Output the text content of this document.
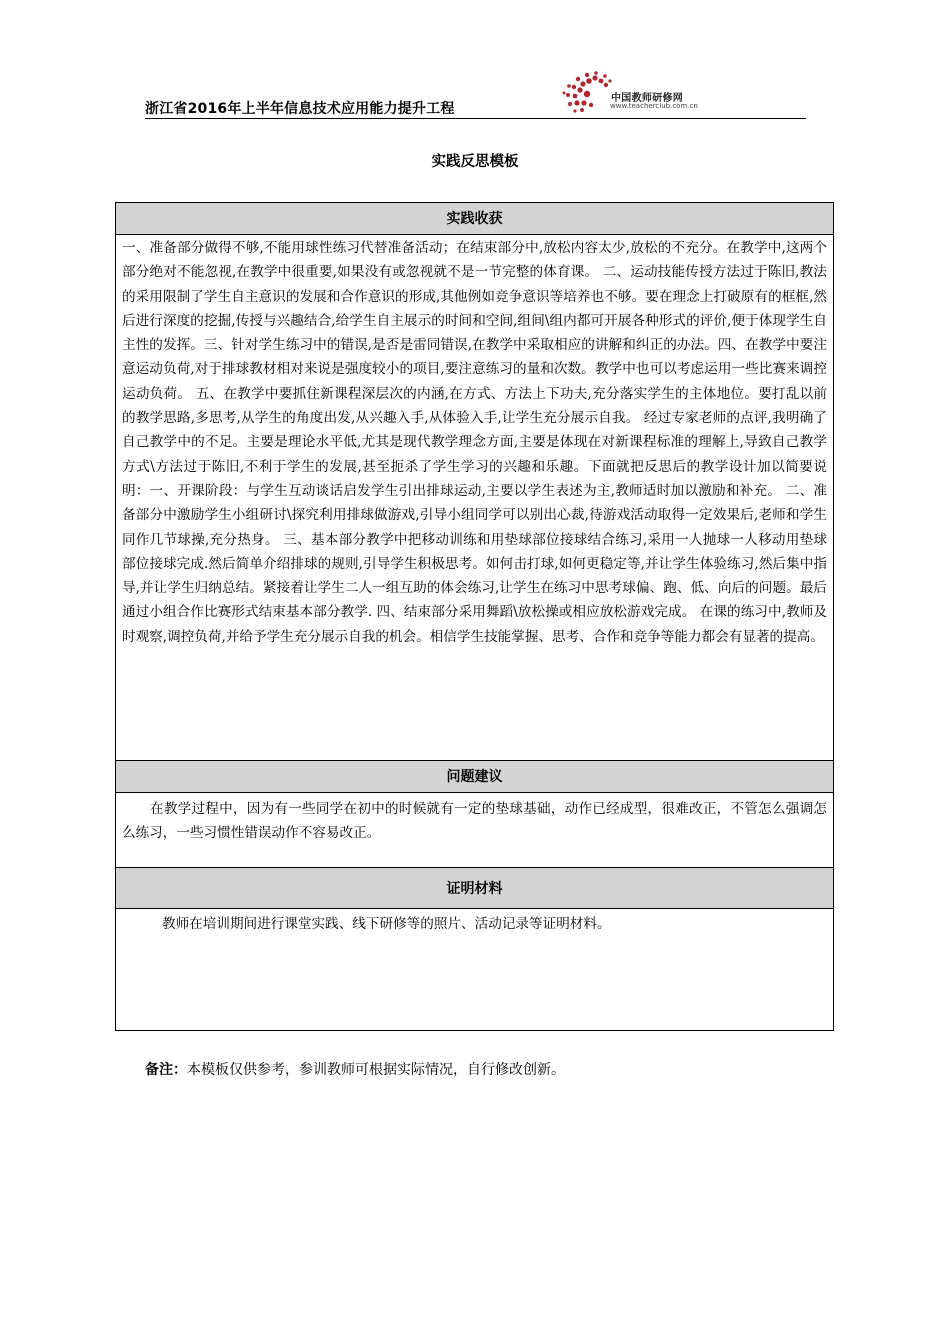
浙江省2016年上半年信息技术应用能力提升工程
中国教师研修网
www.teacherclub.com.cn
实践反思模板
实践收获
一、准备部分做得不够,不能用球性练习代替准备活动；在结束部分中,放松内容太少,放松的不充分。在教学中,这两个部分绝对不能忽视,在教学中很重要,如果没有或忽视就不是一节完整的体育课。 二、运动技能传授方法过于陈旧,教法的采用限制了学生自主意识的发展和合作意识的形成,其他例如竞争意识等培养也不够。要在理念上打破原有的框框,然后进行深度的挖掘,传授与兴趣结合,给学生自主展示的时间和空间,组间\组内都可开展各种形式的评价,便于体现学生自主性的发挥。三、针对学生练习中的错误,是否是雷同错误,在教学中采取相应的讲解和纠正的办法。四、在教学中要注意运动负荷,对于排球教材相对来说是强度较小的项目,要注意练习的量和次数。教学中也可以考虑运用一些比赛来调控运动负荷。 五、在教学中要抓住新课程深层次的内涵,在方式、方法上下功夫,充分落实学生的主体地位。要打乱以前的教学思路,多思考,从学生的角度出发,从兴趣入手,从体验入手,让学生充分展示自我。 经过专家老师的点评,我明确了自己教学中的不足。主要是理论水平低,尤其是现代教学理念方面,主要是体现在对新课程标准的理解上,导致自己教学方式\方法过于陈旧,不利于学生的发展,甚至扼杀了学生学习的兴趣和乐趣。下面就把反思后的教学设计加以简要说明：一、开课阶段：与学生互动谈话启发学生引出排球运动,主要以学生表述为主,教师适时加以激励和补充。 二、准备部分中激励学生小组研讨\探究利用排球做游戏,引导小组同学可以别出心裁,待游戏活动取得一定效果后,老师和学生同作几节球操,充分热身。 三、基本部分教学中把移动训练和用垫球部位接球结合练习,采用一人抛球一人移动用垫球部位接球完成.然后简单介绍排球的规则,引导学生积极思考。如何击打球,如何更稳定等,并让学生体验练习,然后集中指导,并让学生归纳总结。紧接着让学生二人一组互助的体会练习,让学生在练习中思考球偏、跑、低、向后的问题。最后通过小组合作比赛形式结束基本部分教学. 四、结束部分采用舞蹈\放松操或相应放松游戏完成。 在课的练习中,教师及时观察,调控负荷,并给予学生充分展示自我的机会。相信学生技能掌握、思考、合作和竞争等能力都会有显著的提高。
问题建议

在教学过程中，因为有一些同学在初中的时候就有一定的垫球基础，动作已经成型，很难改正，不管怎么强调怎么练习，一些习惯性错误动作不容易改正。

证明材料
教师在培训期间进行课堂实践、线下研修等的照片、活动记录等证明材料。
备注：本模板仅供参考，参训教师可根据实际情况，自行修改创新。
